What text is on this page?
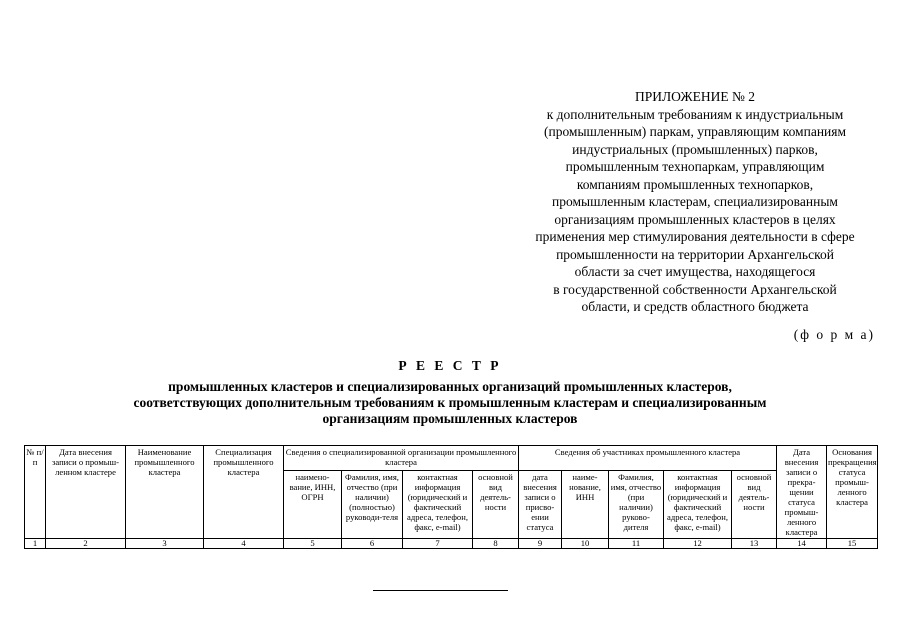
ПРИЛОЖЕНИЕ № 2
к дополнительным требованиям к индустриальным
(промышленным) паркам, управляющим компаниям
индустриальных (промышленных) парков,
промышленным технопаркам, управляющим
компаниям промышленных технопарков,
промышленным кластерам, специализированным
организациям промышленных кластеров в целях
применения мер стимулирования деятельности в сфере
промышленности на территории Архангельской
области за счет имущества, находящегося
в государственной собственности Архангельской
области, и средств областного бюджета
(ф о р м а)
Р Е Е С Т Р
промышленных кластеров и специализированных организаций промышленных кластеров,
соответствующих дополнительным требованиям к промышленным кластерам и специализированным
организациям промышленных кластеров
№ п/п	Дата внесения записи о промыш-ленном кластере	Наименование промышленного кластера	Специализация промышленного кластера	Сведения о специализированной организации промышленного кластера				Сведения об участниках промышленного кластера					Дата внесения записи о прекра-щении статуса промыш-ленного кластера	Основания прекращения статуса промыш-ленного кластера
				наимено-вание, ИНН, ОГРН	Фамилия, имя, отчество (при наличии) (полностью) руководи-теля	контактная информация (юридический и фактический адреса, телефон, факс, e-mail)	основной вид деятель-ности	дата внесения записи о присво-ении статуса	наиме-нование, ИНН	Фамилия, имя, отчество (при наличии) руково-дителя	контактная информация (юридический и фактический адреса, телефон, факс, e-mail)	основной вид деятель-ности		
1	2	3	4	5	6	7	8	9	10	11	12	13	14	15
